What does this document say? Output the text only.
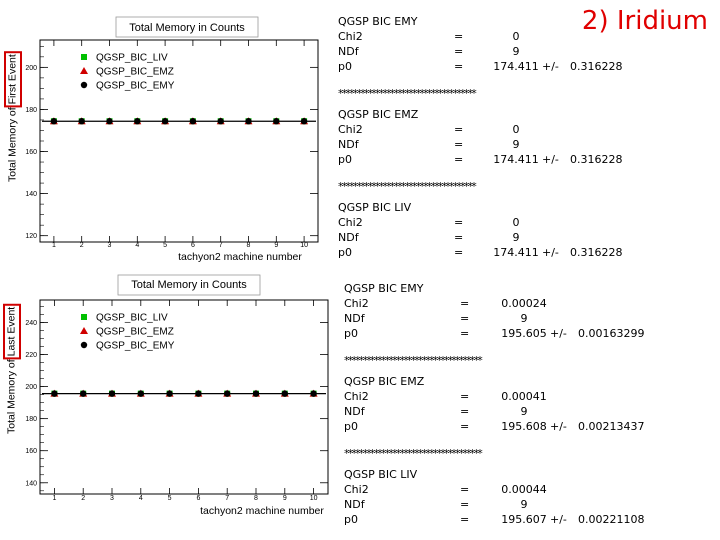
2) Iridium
Total Memory in Counts
1	2	3	4	5	6	7	8	9	10
120
140
160
180
200
QGSP_BIC_LIV
QGSP_BIC_EMZ
QGSP_BIC_EMY
Total Memory of First Event
tachyon2 machine number
Total Memory in Counts
1	2	3	4	5	6	7	8	9	10
140
160
180
200
220
240	QGSP_BIC_LIV
QGSP_BIC_EMZ
QGSP_BIC_EMY
Total Memory of Last Event
tachyon2 machine number
QGSP BIC EMY
Chi2	=	0
NDf	=	9
p0	=	174.411 +/- 0.316228
*************************************
QGSP BIC EMZ
Chi2	=	0
NDf	=	9
p0	=	174.411 +/- 0.316228
*************************************
QGSP BIC LIV
Chi2	=	0
NDf	=	9
p0	=	174.411 +/- 0.316228
QGSP BIC EMY
Chi2	=	0.00024
NDf	=	9
p0	=	195.605 +/- 0.00163299
*************************************
QGSP BIC EMZ
Chi2	=	0.00041
NDf	=	9
p0	=	195.608 +/- 0.00213437
*************************************
QGSP BIC LIV
Chi2	=	0.00044
NDf	=	9
p0	=	195.607 +/- 0.00221108
